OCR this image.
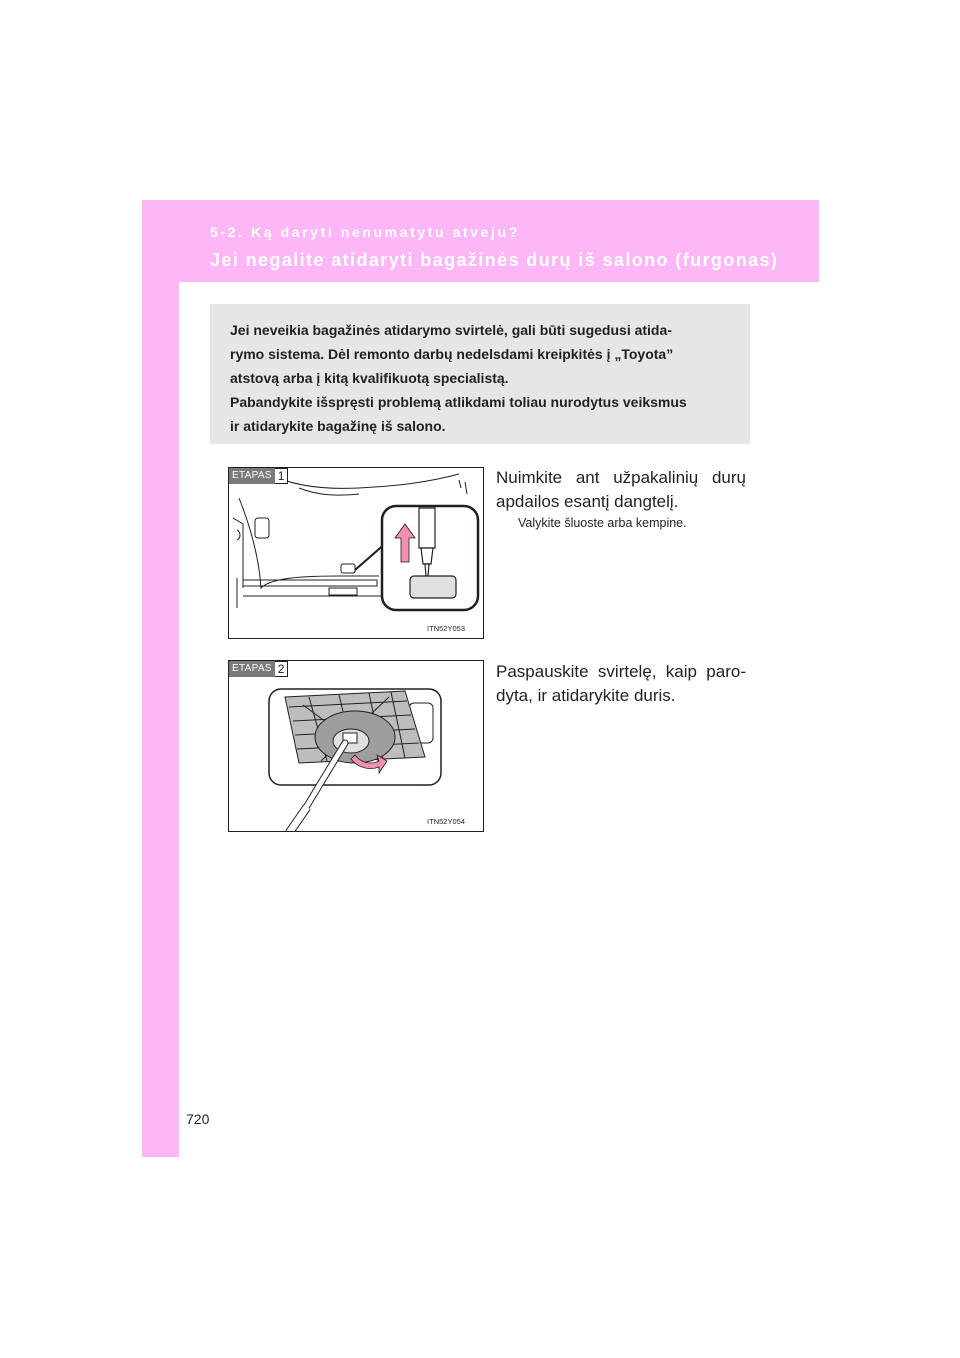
5-2. Ką daryti nenumatytu atveju?
Jei negalite atidaryti bagažinės durų iš salono (furgonas)

Jei neveikia bagažinės atidarymo svirtelė, gali būti sugedusi atida-

rymo sistema. Dėl remonto darbų nedelsdami kreipkitės į „Toyota”

atstovą arba į kitą kvalifikuotą specialistą.

Pabandykite išspręsti problemą atlikdami toliau nurodytus veiksmus

ir atidarykite bagažinę iš salono.

ETAPAS 1
ITN52Y053
Nuimkite ant užpakalinių durų apdailos esantį dangtelį.
Valykite šluoste arba kempine.
ETAPAS 2
ITN52Y054
Paspauskite svirtelę, kaip paro-dyta, ir atidarykite duris.
720
